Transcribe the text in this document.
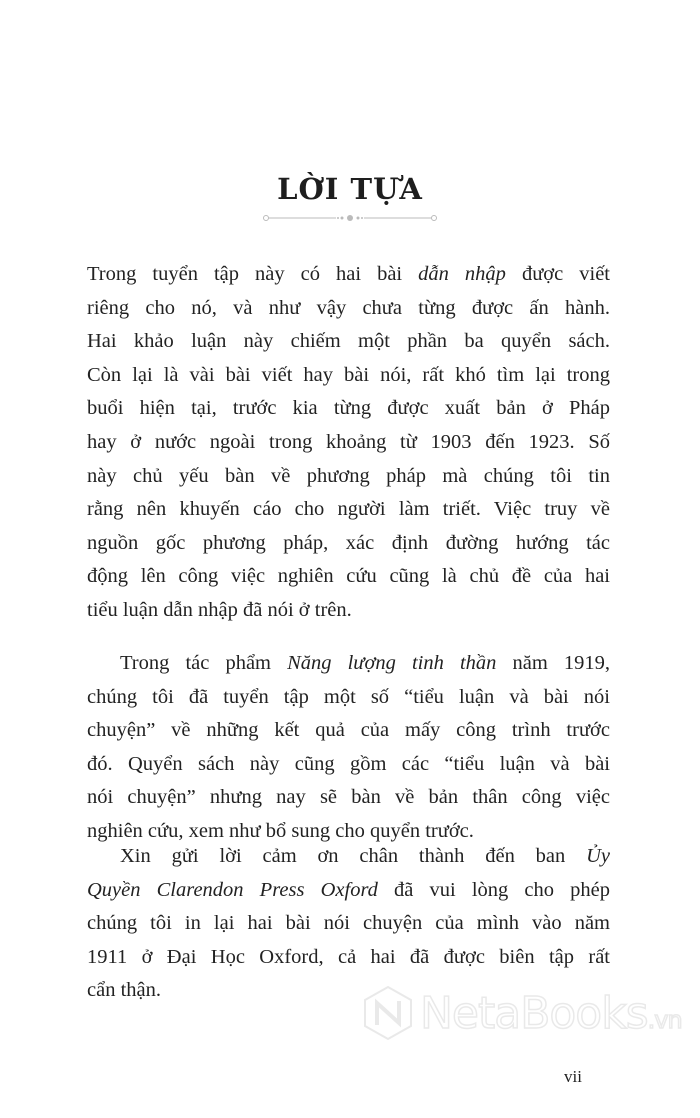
LỜI TỰA
Trong tuyển tập này có hai bài dẫn nhập được viết
riêng cho nó, và như vậy chưa từng được ấn hành.
Hai khảo luận này chiếm một phần ba quyển sách.
Còn lại là vài bài viết hay bài nói, rất khó tìm lại trong
buổi hiện tại, trước kia từng được xuất bản ở Pháp
hay ở nước ngoài trong khoảng từ 1903 đến 1923. Số
này chủ yếu bàn về phương pháp mà chúng tôi tin
rằng nên khuyến cáo cho người làm triết. Việc truy về
nguồn gốc phương pháp, xác định đường hướng tác
động lên công việc nghiên cứu cũng là chủ đề của hai
tiểu luận dẫn nhập đã nói ở trên.
Trong tác phẩm Năng lượng tinh thần năm 1919,
chúng tôi đã tuyển tập một số “tiểu luận và bài nói
chuyện” về những kết quả của mấy công trình trước
đó. Quyển sách này cũng gồm các “tiểu luận và bài
nói chuyện” nhưng nay sẽ bàn về bản thân công việc
nghiên cứu, xem như bổ sung cho quyển trước.
Xin gửi lời cảm ơn chân thành đến ban Ủy
Quyền Clarendon Press Oxford đã vui lòng cho phép
chúng tôi in lại hai bài nói chuyện của mình vào năm
1911 ở Đại Học Oxford, cả hai đã được biên tập rất
cẩn thận.	NetaBooks.vn
vii
